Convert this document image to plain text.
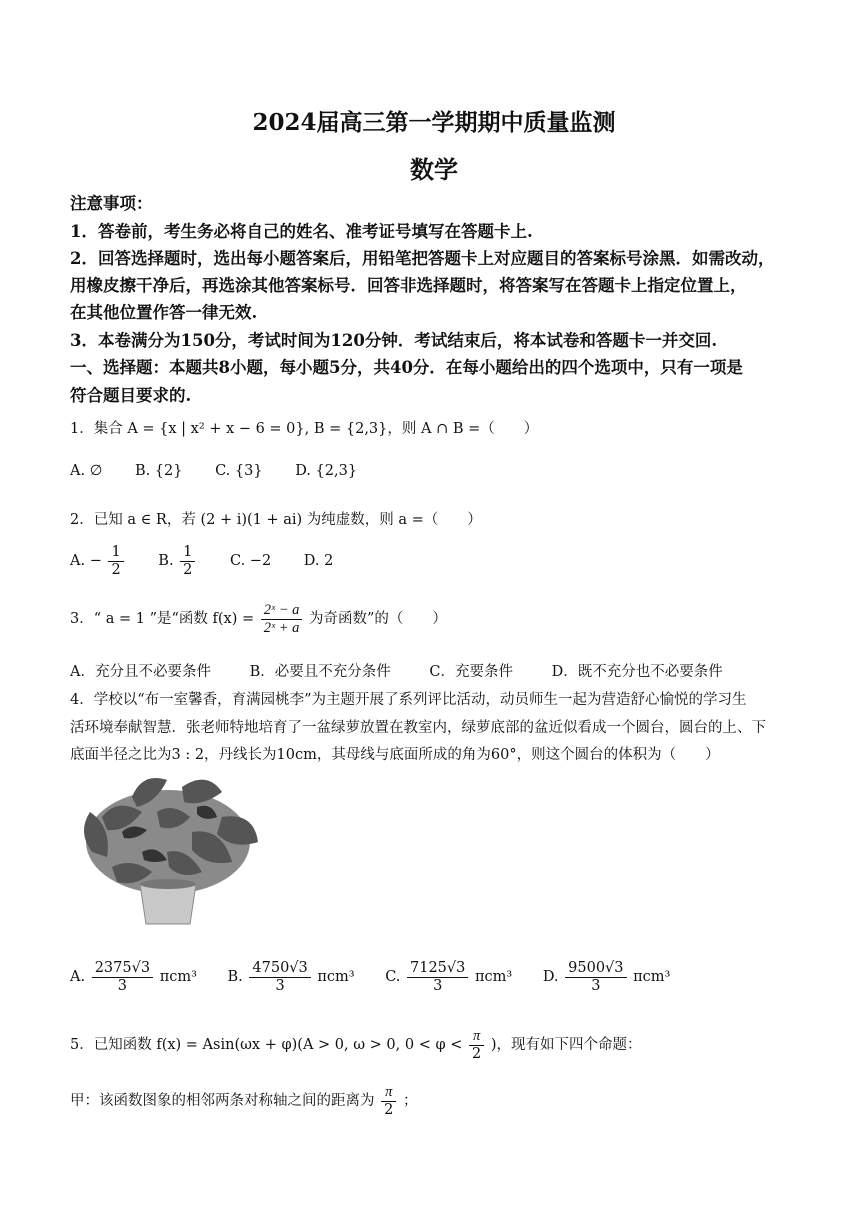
2024届高三第一学期期中质量监测
数学
注意事项：
1．答卷前，考生务必将自己的姓名、准考证号填写在答题卡上.
2．回答选择题时，选出每小题答案后，用铅笔把答题卡上对应题目的答案标号涂黑．如需改动，
用橡皮擦干净后，再选涂其他答案标号．回答非选择题时，将答案写在答题卡上指定位置上，
在其他位置作答一律无效.
3．本卷满分为150分，考试时间为120分钟．考试结束后，将本试卷和答题卡一并交回.
一、选择题：本题共8小题，每小题5分，共40分．在每小题给出的四个选项中，只有一项是
符合题目要求的.
1．集合 A = {x | x² + x − 6 = 0}, B = {2,3}，则 A ∩ B =（　　）
A. ∅ B. {2} C. {3} D. {2,3}
2．已知 a ∈ R，若 (2 + i)(1 + ai) 为纯虚数，则 a =（　　）
A. − $\frac{1}{2} B$. $\frac{1}{2} C$. −2 D. 2
3．“ a = 1 ”是“函数 $f(x) = \frac{\text{2ˣ − a}}{\text{2ˣ + a}}$ 为奇函数”的（　　）
A．充分且不必要条件	B．必要且不充分条件	C．充要条件	D．既不充分也不必要条件
4．学校以“布一室馨香，育满园桃李”为主题开展了系列评比活动，动员师生一起为营造舒心愉悦的学习生
活环境奉献智慧．张老师特地培育了一盆绿萝放置在教室内，绿萝底部的盆近似看成一个圆台，圆台的上、下
底面半径之比为3 : 2，丹线长为10cm，其母线与底面所成的角为60°，则这个圆台的体积为（　　）
A. $\frac{2375√3}{3} \pi cm^3$ B. $\frac{4750√3}{3} \pi cm^3$ C. $\frac{7125√3}{3} \pi cm^3$ D. $\frac{9500√3}{3} \pi cm^3$
5．已知函数 f(x) = Asin(ωx + φ)(A > 0, ω > 0, $0 < \varphi < \frac{\pi}{2}$ )，现有如下四个命题：
甲：该函数图象的相邻两条对称轴之间的距离为 $\frac{\pi}{2}$ ；
